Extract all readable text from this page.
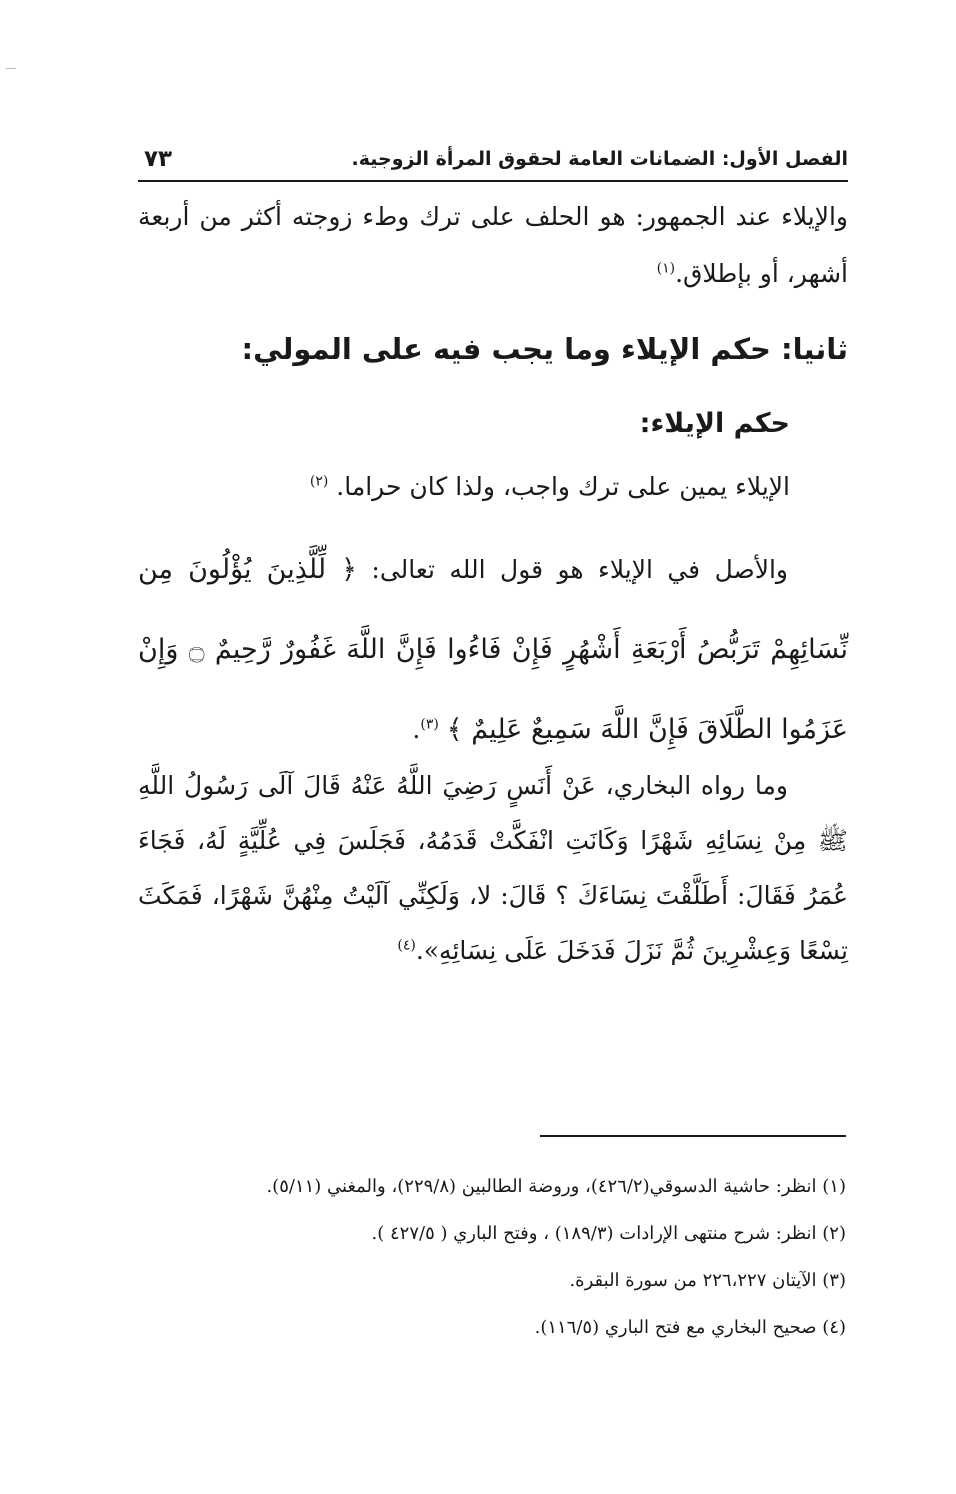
الفصل الأول: الضمانات العامة لحقوق المرأة الزوجية.
٧٣
والإيلاء عند الجمهور: هو الحلف على ترك وطء زوجته أكثر من أربعة أشهر، أو بإطلاق.$^{(١)}$
ثانيا: حكم الإيلاء وما يجب فيه على المولي:
حكم الإيلاء:
الإيلاء يمين على ترك واجب، ولذا كان حراما. $^{(٢)}$
والأصل في الإيلاء هو قول الله تعالى: ﴿ لِّلَّذِينَ يُؤْلُونَ مِن نِّسَائِهِمْ تَرَبُّصُ أَرْبَعَةِ أَشْهُرٍ فَإِنْ فَاءُوا فَإِنَّ اللَّهَ غَفُورٌ رَّحِيمٌ ۝ وَإِنْ عَزَمُوا الطَّلَاقَ فَإِنَّ اللَّهَ سَمِيعٌ عَلِيمٌ ﴾ $^{(٣)}$.
وما رواه البخاري، عَنْ أَنَسٍ رَضِيَ اللَّهُ عَنْهُ قَالَ آلَى رَسُولُ اللَّهِ ﷺ مِنْ نِسَائِهِ شَهْرًا وَكَانَتِ انْفَكَّتْ قَدَمُهُ، فَجَلَسَ فِي عُلِّيَّةٍ لَهُ، فَجَاءَ عُمَرُ فَقَالَ: أَطَلَّقْتَ نِسَاءَكَ ؟ قَالَ: لا، وَلَكِنِّي آلَيْتُ مِنْهُنَّ شَهْرًا، فَمَكَثَ تِسْعًا وَعِشْرِينَ ثُمَّ نَزَلَ فَدَخَلَ عَلَى نِسَائِهِ».$^{(٤)}$
(١) انظر: حاشية الدسوقي(٤٢٦/٢)، وروضة الطالبين (٢٢٩/٨)، والمغني (٥/١١).
(٢) انظر: شرح منتهى الإرادات (١٨٩/٣) ، وفتح الباري ( ٤٢٧/٥ ).
(٣) الآيتان ٢٢٦،٢٢٧ من سورة البقرة.
(٤) صحيح البخاري مع فتح الباري (١١٦/٥).
